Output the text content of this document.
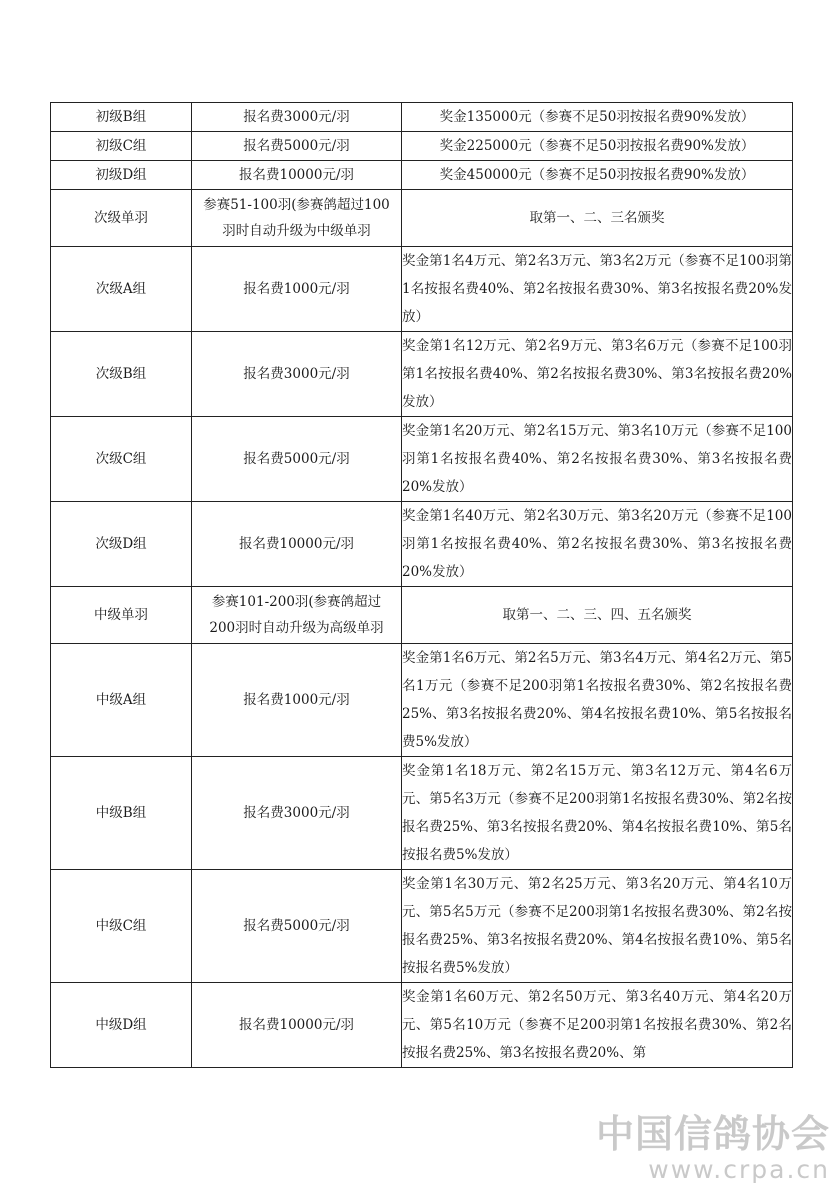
初级B组	报名费3000元/羽	奖金135000元（参赛不足50羽按报名费90%发放）
初级C组	报名费5000元/羽	奖金225000元（参赛不足50羽按报名费90%发放）
初级D组	报名费10000元/羽	奖金450000元（参赛不足50羽按报名费90%发放）
次级单羽	参赛51-100羽(参赛鸽超过100羽时自动升级为中级单羽	取第一、二、三名颁奖
次级A组	报名费1000元/羽	奖金第1名4万元、第2名3万元、第3名2万元（参赛不足100羽第1名按报名费40%、第2名按报名费30%、第3名按报名费20%发放）
次级B组	报名费3000元/羽	奖金第1名12万元、第2名9万元、第3名6万元（参赛不足100羽第1名按报名费40%、第2名按报名费30%、第3名按报名费20%发放）
次级C组	报名费5000元/羽	奖金第1名20万元、第2名15万元、第3名10万元（参赛不足100羽第1名按报名费40%、第2名按报名费30%、第3名按报名费20%发放）
次级D组	报名费10000元/羽	奖金第1名40万元、第2名30万元、第3名20万元（参赛不足100羽第1名按报名费40%、第2名按报名费30%、第3名按报名费20%发放）
中级单羽	参赛101-200羽(参赛鸽超过200羽时自动升级为高级单羽	取第一、二、三、四、五名颁奖
中级A组	报名费1000元/羽	奖金第1名6万元、第2名5万元、第3名4万元、第4名2万元、第5名1万元（参赛不足200羽第1名按报名费30%、第2名按报名费25%、第3名按报名费20%、第4名按报名费10%、第5名按报名费5%发放）
中级B组	报名费3000元/羽	奖金第1名18万元、第2名15万元、第3名12万元、第4名6万元、第5名3万元（参赛不足200羽第1名按报名费30%、第2名按报名费25%、第3名按报名费20%、第4名按报名费10%、第5名按报名费5%发放）
中级C组	报名费5000元/羽	奖金第1名30万元、第2名25万元、第3名20万元、第4名10万元、第5名5万元（参赛不足200羽第1名按报名费30%、第2名按报名费25%、第3名按报名费20%、第4名按报名费10%、第5名按报名费5%发放）
中级D组	报名费10000元/羽	奖金第1名60万元、第2名50万元、第3名40万元、第4名20万元、第5名10万元（参赛不足200羽第1名按报名费30%、第2名按报名费25%、第3名按报名费20%、第
中国信鸽协会
www.crpa.cn
